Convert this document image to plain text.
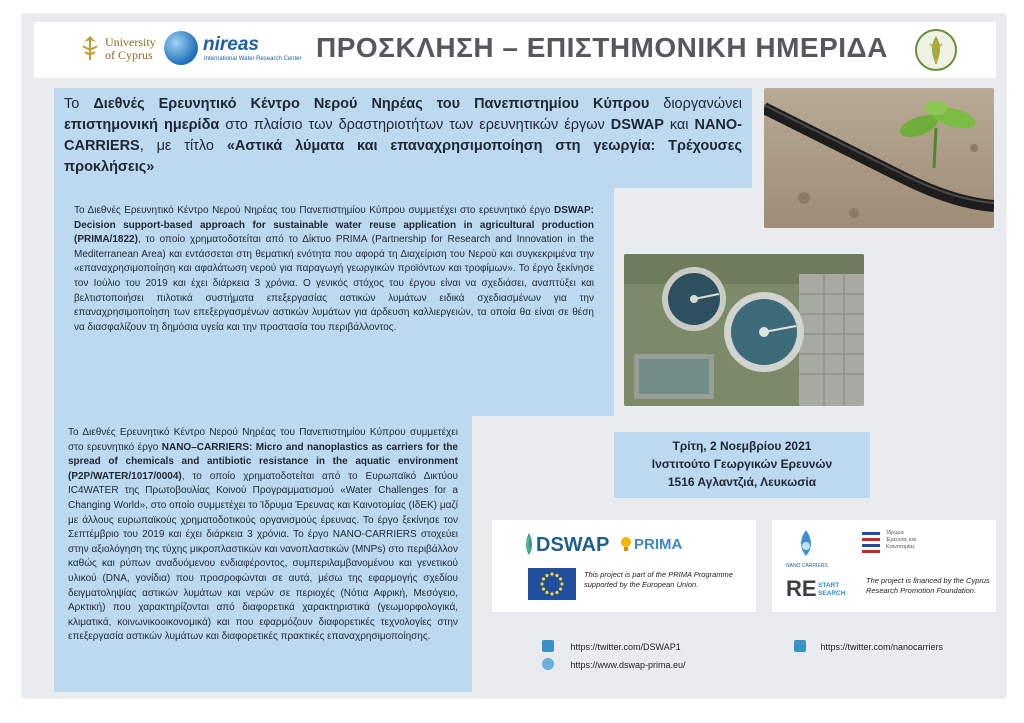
University
of Cyprus	nireas
International Water Research Center ΠΡΟΣΚΛΗΣΗ – ΕΠΙΣΤΗΜΟΝΙΚΗ ΗΜΕΡΙΔΑ
Το Διεθνές Ερευνητικό Κέντρο Νερού Νηρέας του Πανεπιστημίου Κύπρου διοργανώνει επιστημονική ημερίδα στο πλαίσιο των δραστηριοτήτων των ερευνητικών έργων DSWAP και NANO-CARRIERS, με τίτλο «Αστικά λύματα και επαναχρησιμοποίηση στη γεωργία: Τρέχουσες προκλήσεις»
Το Διεθνές Ερευνητικό Κέντρο Νερού Νηρέας του Πανεπιστημίου Κύπρου συμμετέχει στο ερευνητικό έργο DSWAP: Decision support-based approach for sustainable water reuse application in agricultural production (PRIMA/1822), το οποίο χρηματοδοτείται από το Δίκτυο PRIMA (Partnership for Research and Innovation in the Mediterranean Area) και εντάσσεται στη θεματική ενότητα που αφορά τη Διαχείριση του Νερού και συγκεκριμένα την «επαναχρησιμοποίηση και αφαλάτωση νερού για παραγωγή γεωργικών προϊόντων και τροφίμων». Το έργο ξεκίνησε τον Ιούλιο του 2019 και έχει διάρκεια 3 χρόνια. Ο γενικός στόχος του έργου είναι να σχεδιάσει, αναπτύξει και βελτιστοποιήσει πιλοτικά συστήματα επεξεργασίας αστικών λυμάτων ειδικά σχεδιασμένων για την επαναχρησιμοποίηση των επεξεργασμένων αστικών λυμάτων για άρδευση καλλιεργειών, τα οποία θα είναι σε θέση να διασφαλίζουν τη δημόσια υγεία και την προστασία του περιβάλλοντος.
Το Διεθνές Ερευνητικό Κέντρο Νερού Νηρέας του Πανεπιστημίου Κύπρου συμμετέχει στο ερευνητικό έργο NANO–CARRIERS: Micro and nanoplastics as carriers for the spread of chemicals and antibiotic resistance in the aquatic environment (P2P/WATER/1017/0004), το οποίο χρηματοδοτείται από το Ευρωπαϊκό Δικτύου IC4WATER της Πρωτοβουλίας Κοινού Προγραμματισμού «Water Challenges for a Changing World», στο οποίο συμμετέχει το Ίδρυμα Έρευνας και Καινοτομίας (ΙδΕΚ) μαζί με άλλους ευρωπαϊκούς χρηματοδοτικούς οργανισμούς έρευνας. Το έργο ξεκίνησε τον Σεπτέμβριο του 2019 και έχει διάρκεια 3 χρόνια. Το έργο NANO-CARRIERS στοχεύει στην αξιολόγηση της τύχης μικροπλαστικών και νανοπλαστικών (MNPs) στο περιβάλλον καθώς και ρύπων αναδυόμενου ενδιαφέροντος, συμπεριλαμβανομένου και γενετικού υλικού (DNA, γονίδια) που προσροφώνται σε αυτά, μέσω της εφαρμογής σχεδίου δειγματοληψίας αστικών λυμάτων και νερών σε περιοχές (Νότια Αφρική, Μεσόγειο, Αρκτική) που χαρακτηρίζονται από διαφορετικά χαρακτηριστικά (γεωμορφολογικά, κλιματικά, κοινωνικοοικονομικά) και που εφαρμόζουν διαφορετικές τεχνολογίες στην επεξεργασία αστικών λυμάτων και διαφορετικές πρακτικές επαναχρησιμοποίησης.
Τρίτη, 2 Νοεμβρίου 2021
Ινστιτούτο Γεωργικών Ερευνών
1516 Αγλαντζιά, Λευκωσία
DSWAP PRIMA
This project is part of the PRIMA Programme supported by the European Union.
NANO CARRIERS
Ίδρυμα
Έρευνας και
Καινοτομίας
RE START SEARCH
The project is financed by the Cyprus Research Promotion Foundation.
https://twitter.com/DSWAP1
https://www.dswap-prima.eu/
https://twitter.com/nanocarriers
